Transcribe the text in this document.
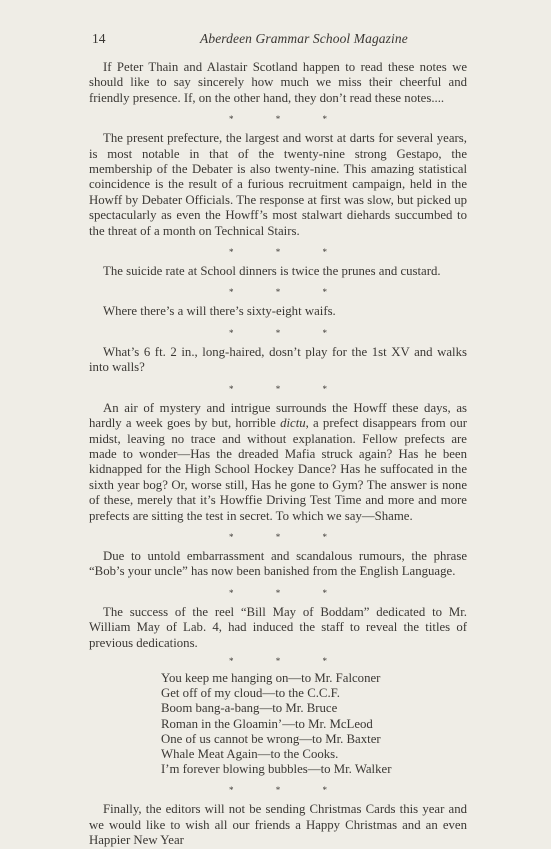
14	Aberdeen Grammar School Magazine

If Peter Thain and Alastair Scotland happen to read these notes we should like to say sincerely how much we miss their cheerful and friendly presence. If, on the other hand, they don’t read these notes....

* * *

The present prefecture, the largest and worst at darts for several years, is most notable in that of the twenty-nine strong Gestapo, the membership of the Debater is also twenty-nine. This amazing statistical coincidence is the result of a furious recruitment campaign, held in the Howff by Debater Officials. The response at first was slow, but picked up spectacularly as even the Howff’s most stalwart diehards succumbed to the threat of a month on Technical Stairs.

* * *

The suicide rate at School dinners is twice the prunes and custard.

* * *

Where there’s a will there’s sixty-eight waifs.

* * *

What’s 6 ft. 2 in., long-haired, dosn’t play for the 1st XV and walks into walls?

* * *

An air of mystery and intrigue surrounds the Howff these days, as hardly a week goes by but, horrible dictu, a prefect disappears from our midst, leaving no trace and without explanation. Fellow prefects are made to wonder—Has the dreaded Mafia struck again? Has he been kidnapped for the High School Hockey Dance? Has he suffocated in the sixth year bog? Or, worse still, Has he gone to Gym? The answer is none of these, merely that it’s Howffie Driving Test Time and more and more prefects are sitting the test in secret. To which we say—Shame.

* * *

Due to untold embarrassment and scandalous rumours, the phrase “Bob’s your uncle” has now been banished from the English Language.

* * *

The success of the reel “Bill May of Boddam” dedicated to Mr. William May of Lab. 4, had induced the staff to reveal the titles of previous dedications.

* * *
You keep me hanging on—to Mr. Falconer
Get off of my cloud—to the C.C.F.
Boom bang-a-bang—to Mr. Bruce
Roman in the Gloamin’—to Mr. McLeod
One of us cannot be wrong—to Mr. Baxter
Whale Meat Again—to the Cooks.
I’m forever blowing bubbles—to Mr. Walker
* * *

Finally, the editors will not be sending Christmas Cards this year and we would like to wish all our friends a Happy Christmas and an even Happier New Year
